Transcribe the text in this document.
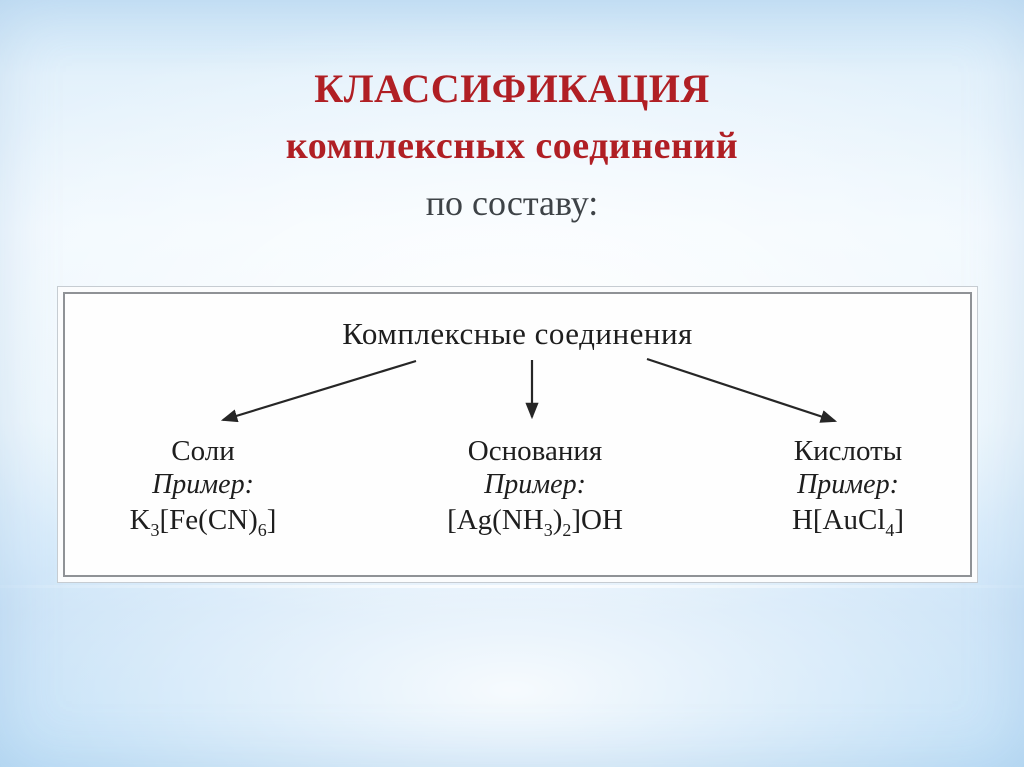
КЛАССИФИКАЦИЯ
комплексных соединений
по составу:
Комплексные соединения
Соли
Пример:
$K_3[Fe(CN)_6]$
Основания
Пример:
$[Ag(NH_3)_2]OH$
Кислоты
Пример:
H[AuCl$_4$]
